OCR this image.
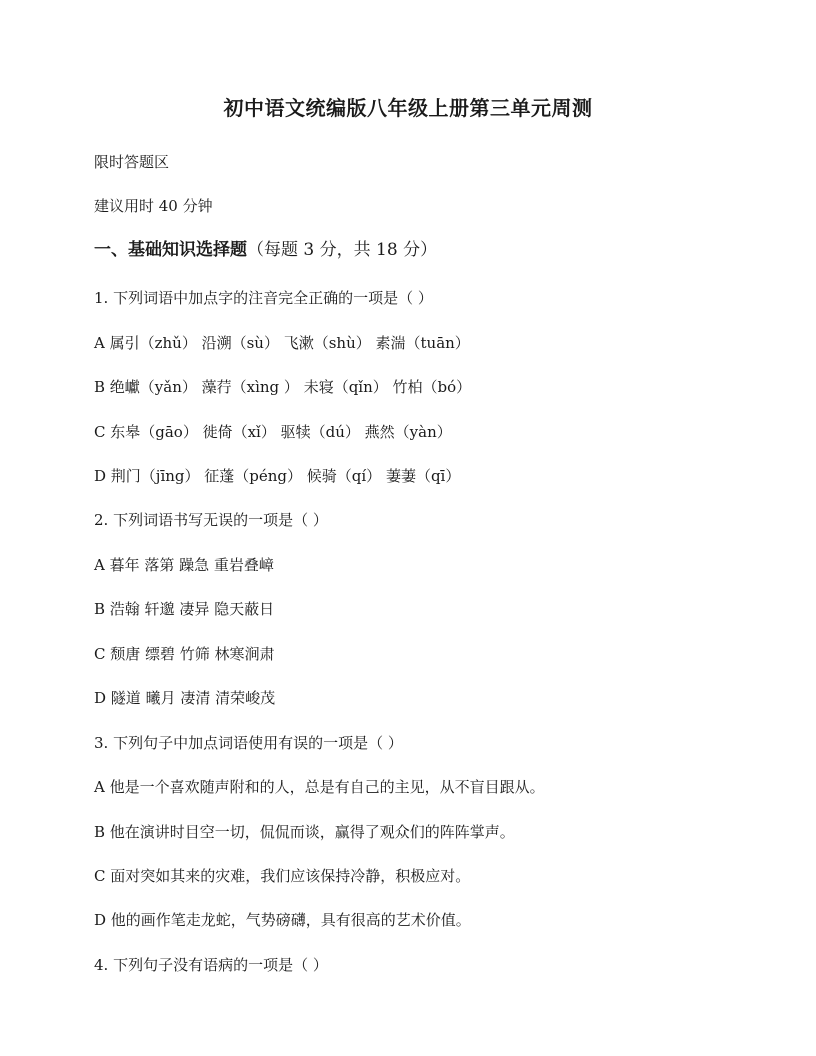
初中语文统编版八年级上册第三单元周测
限时答题区
建议用时 40 分钟
一、基础知识选择题（每题 3 分，共 18 分）
1. 下列词语中加点字的注音完全正确的一项是（ ）
A 属引（zhǔ） 沿溯（sù） 飞漱（shù） 素湍（tuān）
B 绝巘（yǎn） 藻荇（xìng ） 未寝（qǐn） 竹柏（bó）
C 东皋（gāo） 徙倚（xǐ） 驱犊（dú） 燕然（yàn）
D 荆门（jīng） 征蓬（péng） 候骑（qí） 萋萋（qī）
2. 下列词语书写无误的一项是（ ）
A 暮年 落第 躁急 重岩叠嶂
B 浩翰 轩邈 凄异 隐天蔽日
C 颓唐 缥碧 竹筛 林寒涧肃
D 隧道 曦月 凄清 清荣峻茂
3. 下列句子中加点词语使用有误的一项是（ ）
A 他是一个喜欢随声附和的人，总是有自己的主见，从不盲目跟从。
B 他在演讲时目空一切，侃侃而谈，赢得了观众们的阵阵掌声。
C 面对突如其来的灾难，我们应该保持冷静，积极应对。
D 他的画作笔走龙蛇，气势磅礴，具有很高的艺术价值。
4. 下列句子没有语病的一项是（ ）
